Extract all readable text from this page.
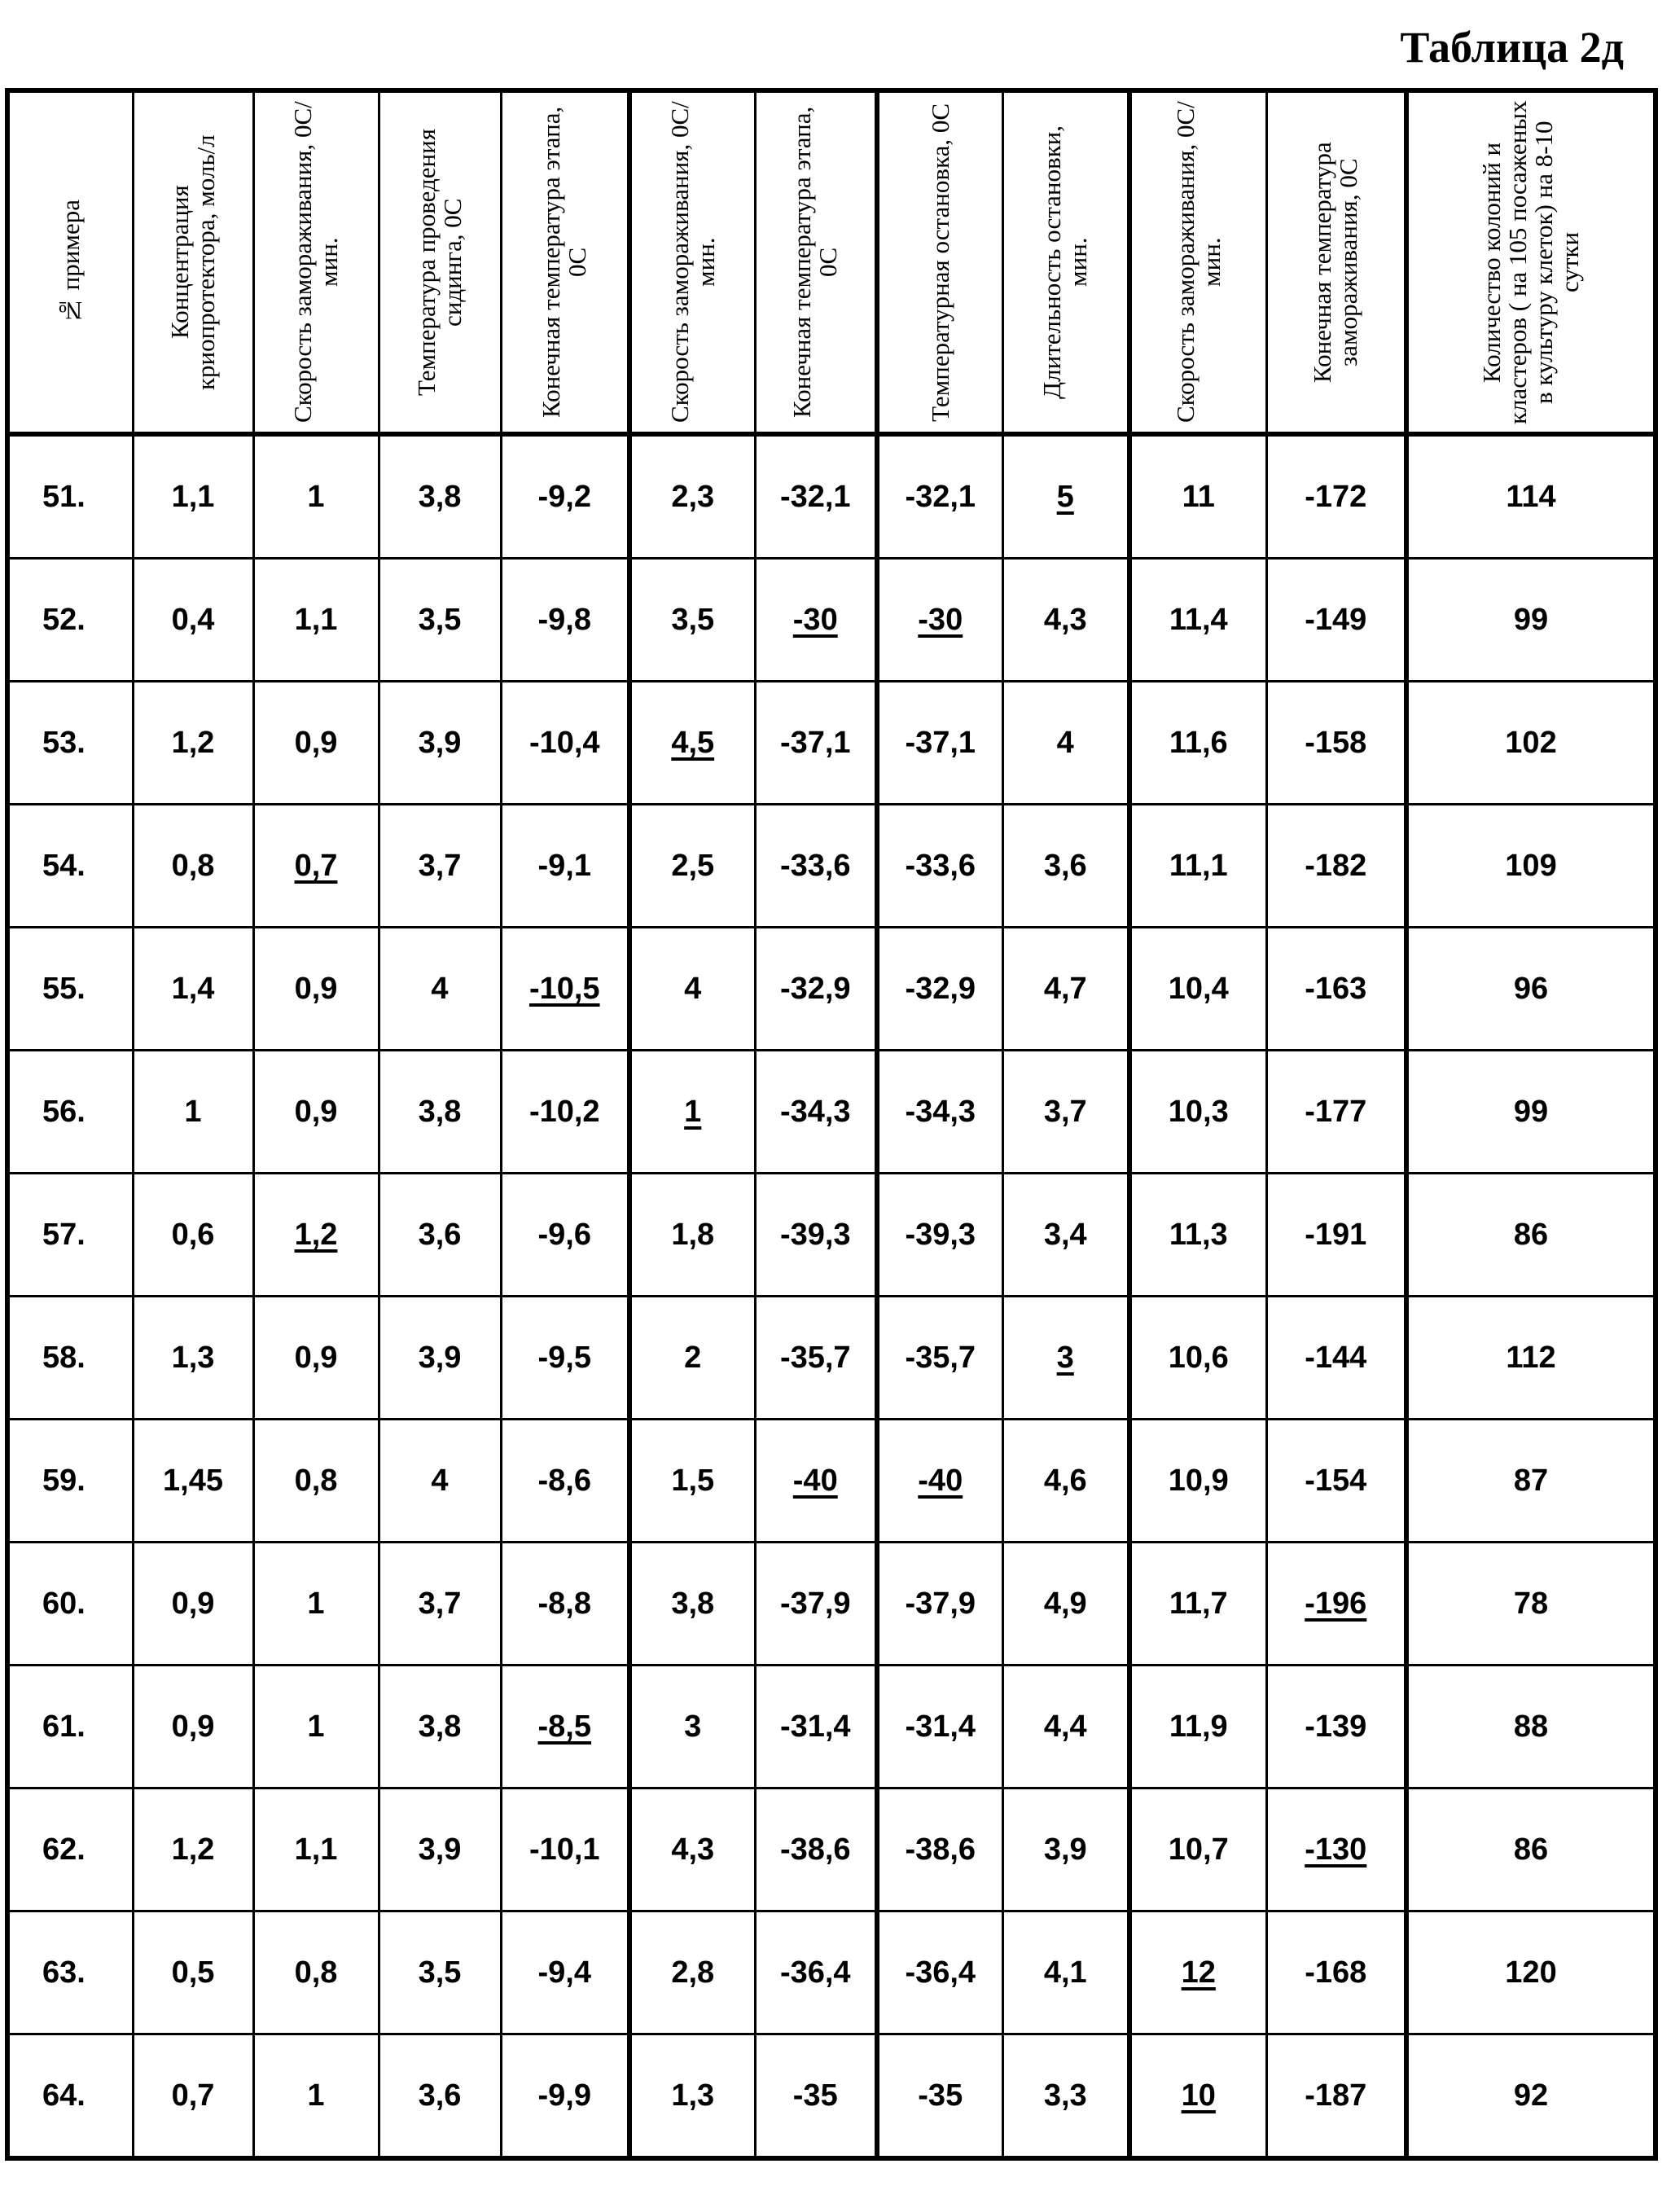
Таблица 2д
№ примера	Концентрация криопротектора, моль/л	Скорость замораживания, 0С/мин.	Температура проведения сидинга, 0С	Конечная температура этапа, 0С	Скорость замораживания, 0С/мин.	Конечная температура этапа, 0С	Температурная остановка, 0С	Длительность остановки, мин.	Скорость замораживания, 0С/мин.	Конечная температура замораживания, 0С	Количество колоний и кластеров ( на 105 посаженых в культуру клеток) на 8-10 сутки

51.	1,1	1	3,8	-9,2	2,3	-32,1	-32,1	5	11	-172	114
52.	0,4	1,1	3,5	-9,8	3,5	-30	-30	4,3	11,4	-149	99
53.	1,2	0,9	3,9	-10,4	4,5	-37,1	-37,1	4	11,6	-158	102
54.	0,8	0,7	3,7	-9,1	2,5	-33,6	-33,6	3,6	11,1	-182	109
55.	1,4	0,9	4	-10,5	4	-32,9	-32,9	4,7	10,4	-163	96
56.	1	0,9	3,8	-10,2	1	-34,3	-34,3	3,7	10,3	-177	99
57.	0,6	1,2	3,6	-9,6	1,8	-39,3	-39,3	3,4	11,3	-191	86
58.	1,3	0,9	3,9	-9,5	2	-35,7	-35,7	3	10,6	-144	112
59.	1,45	0,8	4	-8,6	1,5	-40	-40	4,6	10,9	-154	87
60.	0,9	1	3,7	-8,8	3,8	-37,9	-37,9	4,9	11,7	-196	78
61.	0,9	1	3,8	-8,5	3	-31,4	-31,4	4,4	11,9	-139	88
62.	1,2	1,1	3,9	-10,1	4,3	-38,6	-38,6	3,9	10,7	-130	86
63.	0,5	0,8	3,5	-9,4	2,8	-36,4	-36,4	4,1	12	-168	120
64.	0,7	1	3,6	-9,9	1,3	-35	-35	3,3	10	-187	92
